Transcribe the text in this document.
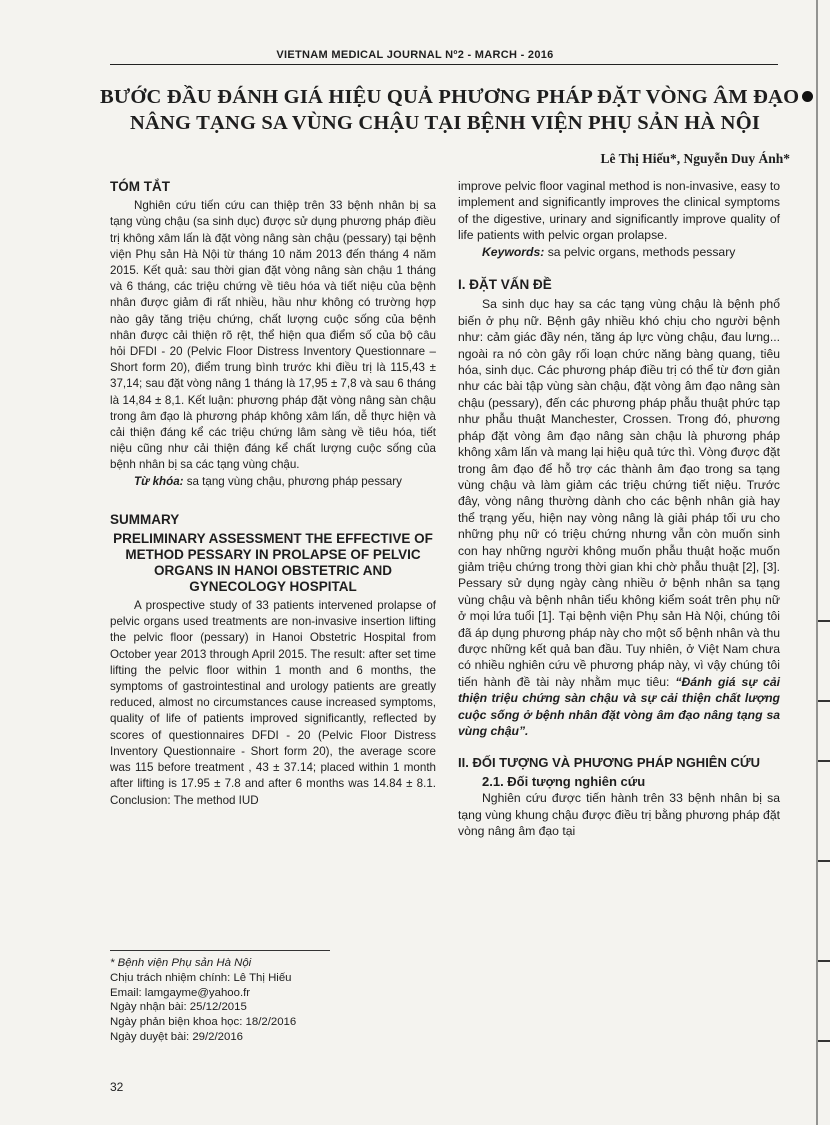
VIETNAM MEDICAL JOURNAL Nº2 - MARCH - 2016
BƯỚC ĐẦU ĐÁNH GIÁ HIỆU QUẢ PHƯƠNG PHÁP ĐẶT VÒNG ÂM ĐẠO
NÂNG TẠNG SA VÙNG CHẬU TẠI BỆNH VIỆN PHỤ SẢN HÀ NỘI
Lê Thị Hiếu*, Nguyễn Duy Ánh*
TÓM TẮT

Nghiên cứu tiến cứu can thiệp trên 33 bệnh nhân bị sa tạng vùng chậu (sa sinh dục) được sử dụng phương pháp điều trị không xâm lấn là đặt vòng nâng sàn chậu (pessary) tại bệnh viện Phụ sản Hà Nội từ tháng 10 năm 2013 đến tháng 4 năm 2015. Kết quả: sau thời gian đặt vòng nâng sàn chậu 1 tháng và 6 tháng, các triệu chứng về tiêu hóa và tiết niệu của bệnh nhân được giảm đi rất nhiều, hầu như không có trường hợp nào gây tăng triệu chứng, chất lượng cuộc sống của bệnh nhân được cải thiện rõ rệt, thể hiện qua điểm số của bộ câu hỏi DFDI - 20 (Pelvic Floor Distress Inventory Questionnare – Short form 20), điểm trung bình trước khi điều trị là 115,43 ± 37,14; sau đặt vòng nâng 1 tháng là 17,95 ± 7,8 và sau 6 tháng là 14,84 ± 8,1. Kết luận: phương pháp đặt vòng nâng sàn chậu trong âm đạo là phương pháp không xâm lấn, dễ thực hiện và cải thiện đáng kể các triệu chứng lâm sàng về tiêu hóa, tiết niệu cũng như cải thiện đáng kể chất lượng cuộc sống của bệnh nhân bị sa các tạng vùng chậu.

Từ khóa: sa tạng vùng chậu, phương pháp pessary

SUMMARY
PRELIMINARY ASSESSMENT THE EFFECTIVE OF METHOD PESSARY IN PROLAPSE OF PELVIC ORGANS IN HANOI OBSTETRIC AND GYNECOLOGY HOSPITAL

A prospective study of 33 patients intervened prolapse of pelvic organs used treatments are non-invasive insertion lifting the pelvic floor (pessary) in Hanoi Obstetric Hospital from October year 2013 through April 2015. The result: after set time lifting the pelvic floor within 1 month and 6 months, the symptoms of gastrointestinal and urology patients are greatly reduced, almost no circumstances cause increased symptoms, quality of life of patients improved significantly, reflected by scores of questionnaires DFDI - 20 (Pelvic Floor Distress Inventory Questionnaire - Short form 20), the average score was 115 before treatment , 43 ± 37.14; placed within 1 month after lifting is 17.95 ± 7.8 and after 6 months was 14.84 ± 8.1. Conclusion: The method IUD

improve pelvic floor vaginal method is non-invasive, easy to implement and significantly improves the clinical symptoms of the digestive, urinary and significantly improve quality of life patients with pelvic organ prolapse.

Keywords: sa pelvic organs, methods pessary

I. ĐẶT VẤN ĐỀ

Sa sinh dục hay sa các tạng vùng chậu là bệnh phổ biến ở phụ nữ. Bệnh gây nhiều khó chịu cho người bệnh như: cảm giác đầy nén, tăng áp lực vùng chậu, đau lưng... ngoài ra nó còn gây rối loạn chức năng bàng quang, tiêu hóa, sinh dục. Các phương pháp điều trị có thể từ đơn giản như các bài tập vùng sàn chậu, đặt vòng âm đạo nâng sàn chậu (pessary), đến các phương pháp phẫu thuật phức tạp như phẫu thuật Manchester, Crossen. Trong đó, phương pháp đặt vòng âm đạo nâng sàn chậu là phương pháp không xâm lấn và mang lại hiệu quả tức thì. Vòng được đặt trong âm đạo để hỗ trợ các thành âm đạo trong sa tạng vùng chậu và làm giảm các triệu chứng tiết niệu. Trước đây, vòng nâng thường dành cho các bệnh nhân già hay thể trạng yếu, hiện nay vòng nâng là giải pháp tối ưu cho những phụ nữ có triệu chứng nhưng vẫn còn muốn sinh con hay những người không muốn phẫu thuật hoặc muốn giảm triệu chứng trong thời gian khi chờ phẫu thuật [2], [3]. Pessary sử dụng ngày càng nhiều ở bệnh nhân sa tạng vùng chậu và bệnh nhân tiểu không kiểm soát trên phụ nữ ở mọi lứa tuổi [1]. Tại bệnh viện Phụ sản Hà Nội, chúng tôi đã áp dụng phương pháp này cho một số bệnh nhân và thu được những kết quả ban đầu. Tuy nhiên, ở Việt Nam chưa có nhiều nghiên cứu về phương pháp này, vì vậy chúng tôi tiến hành đề tài này nhằm mục tiêu: “Đánh giá sự cải thiện triệu chứng sàn chậu và sự cải thiện chất lượng cuộc sống ở bệnh nhân đặt vòng âm đạo nâng tạng sa vùng chậu”.

II. ĐỐI TƯỢNG VÀ PHƯƠNG PHÁP NGHIÊN CỨU
2.1. Đối tượng nghiên cứu

Nghiên cứu được tiến hành trên 33 bệnh nhân bị sa tạng vùng khung chậu được điều trị bằng phương pháp đặt vòng nâng âm đạo tại

* Bệnh viện Phụ sản Hà Nội
Chịu trách nhiệm chính: Lê Thị Hiếu
Email: lamgayme@yahoo.fr
Ngày nhận bài: 25/12/2015
Ngày phản biện khoa học: 18/2/2016
Ngày duyệt bài: 29/2/2016
32
